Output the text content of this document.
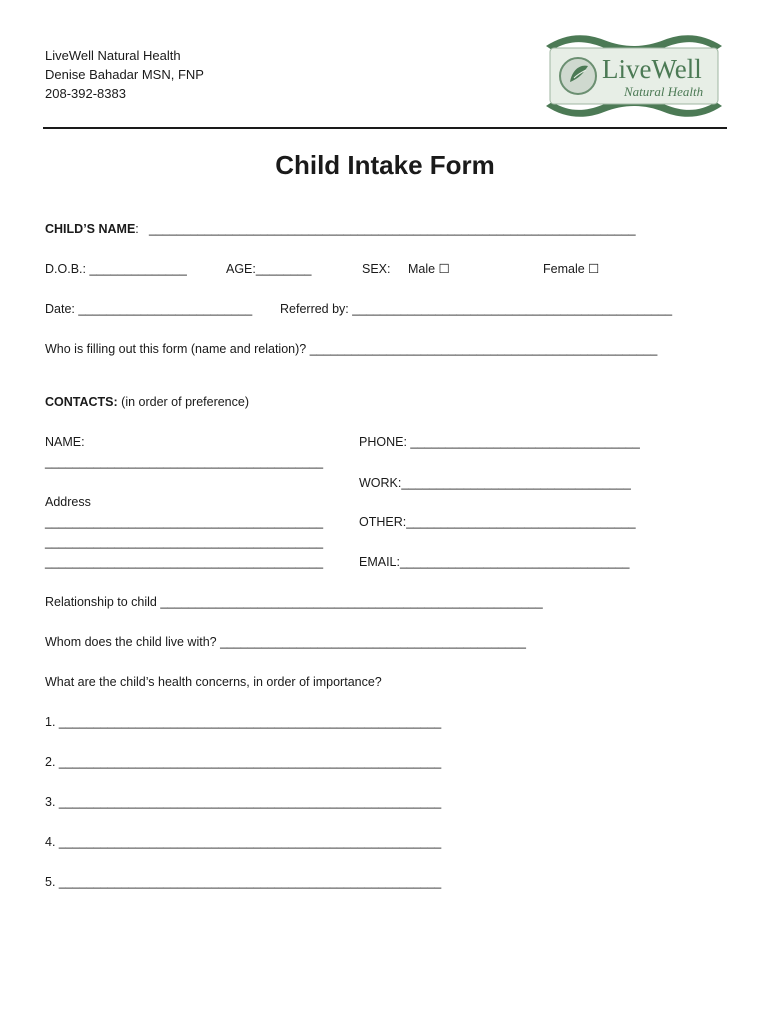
LiveWell Natural Health
Denise Bahadar MSN, FNP
208-392-8383
LiveWell
Natural Health
Child Intake Form
CHILD’S NAME: ______________________________________________________________________
D.O.B.: ______________	AGE:________	SEX: Male ☐	Female ☐
Date: _________________________ Referred by: ______________________________________________
Who is filling out this form (name and relation)? __________________________________________________
CONTACTS: (in order of preference)
NAME:
________________________________________
Address
________________________________________
________________________________________
________________________________________
PHONE: _________________________________
WORK:_________________________________
OTHER:_________________________________
EMAIL:_________________________________
Relationship to child _______________________________________________________
Whom does the child live with? ____________________________________________
What are the child’s health concerns, in order of importance?
1. _______________________________________________________
2. _______________________________________________________
3. _______________________________________________________
4. _______________________________________________________
5. _______________________________________________________
